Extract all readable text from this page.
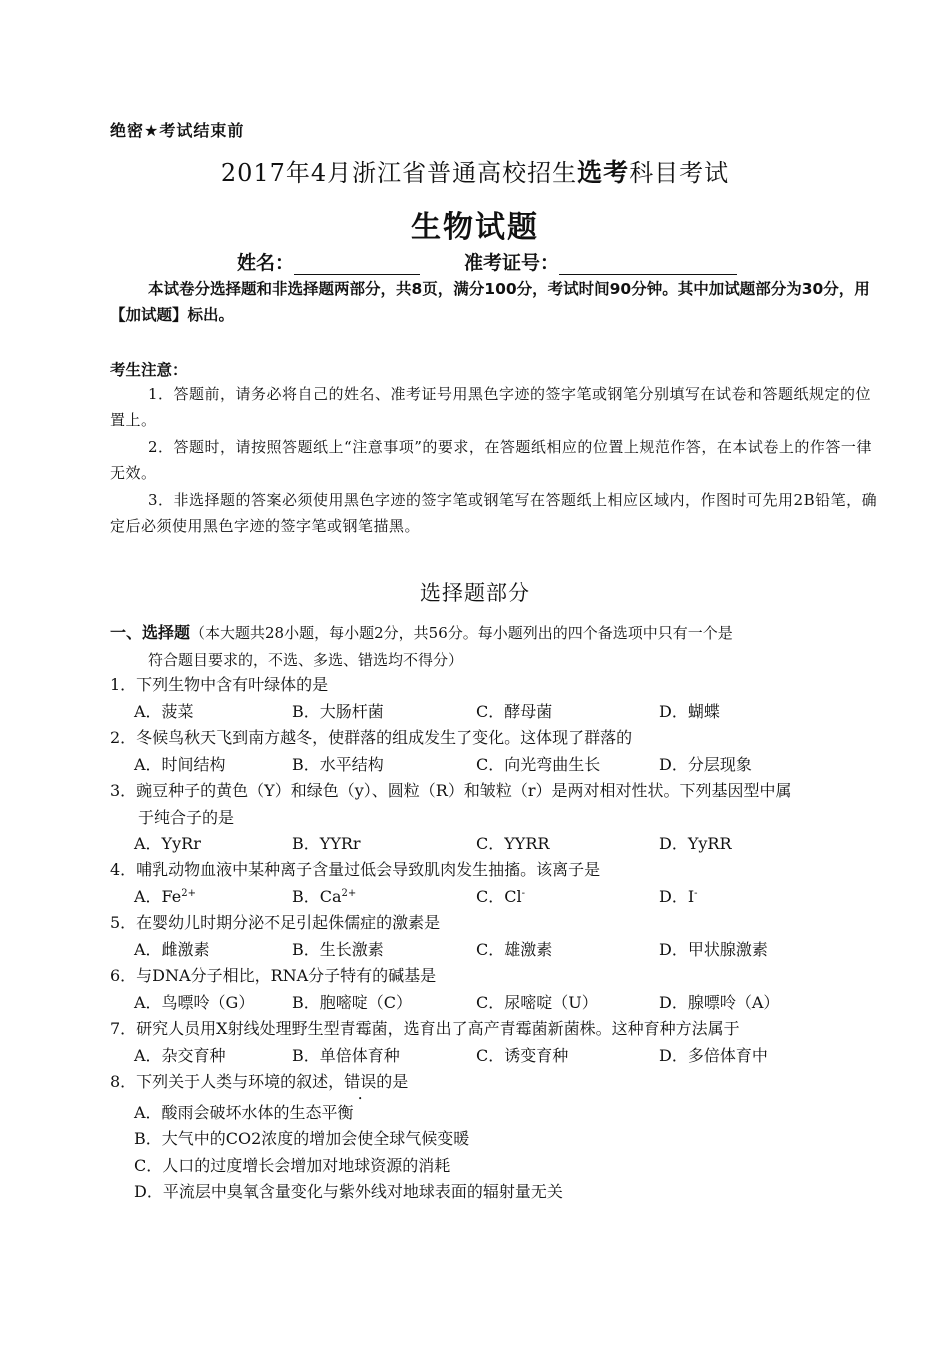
绝密★考试结束前
2017年4月浙江省普通高校招生选考科目考试
生物试题
姓名：	准考证号：
本试卷分选择题和非选择题两部分，共8页，满分100分，考试时间90分钟。其中加试题部分为30分，用【加试题】标出。
考生注意：
1．答题前，请务必将自己的姓名、准考证号用黑色字迹的签字笔或钢笔分别填写在试卷和答题纸规定的位置上。
2．答题时，请按照答题纸上“注意事项”的要求，在答题纸相应的位置上规范作答，在本试卷上的作答一律无效。
3．非选择题的答案必须使用黑色字迹的签字笔或钢笔写在答题纸上相应区域内，作图时可先用2B铅笔，确定后必须使用黑色字迹的签字笔或钢笔描黑。
选择题部分
一、选择题（本大题共28小题，每小题2分，共56分。每小题列出的四个备选项中只有一个是
符合题目要求的，不选、多选、错选均不得分）
1．下列生物中含有叶绿体的是
A．菠菜	B．大肠杆菌	C．酵母菌	D．蝴蝶
2．冬候鸟秋天飞到南方越冬，使群落的组成发生了变化。这体现了群落的
A．时间结构	B．水平结构	C．向光弯曲生长	D．分层现象
3．豌豆种子的黄色（Y）和绿色（y）、圆粒（R）和皱粒（r）是两对相对性状。下列基因型中属
于纯合子的是
A．YyRr	B．YYRr	C．YYRR	D．YyRR
4．哺乳动物血液中某种离子含量过低会导致肌肉发生抽搐。该离子是
A．$Fe^{2+}$	B．$Ca^{2+}$	C．Cl-	D．I-
5．在婴幼儿时期分泌不足引起侏儒症的激素是
A．雌激素	B．生长激素	C．雄激素	D．甲状腺激素
6．与DNA分子相比，RNA分子特有的碱基是
A．鸟嘌呤（G）	B．胞嘧啶（C）	C．尿嘧啶（U）	D．腺嘌呤（A）
7．研究人员用X射线处理野生型青霉菌，选育出了高产青霉菌新菌株。这种育种方法属于
A．杂交育种	B．单倍体育种	C．诱变育种	D．多倍体育中
8．下列关于人类与环境的叙述，错误的是
A．酸雨会破坏水体的生态平衡
B．大气中的CO2浓度的增加会使全球气候变暖
C．人口的过度增长会增加对地球资源的消耗
D．平流层中臭氧含量变化与紫外线对地球表面的辐射量无关
